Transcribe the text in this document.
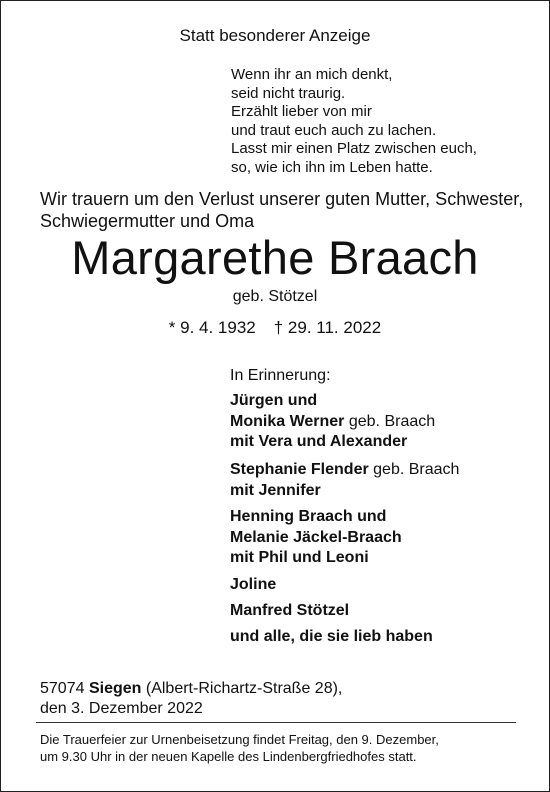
Statt besonderer Anzeige
Wenn ihr an mich denkt,
seid nicht traurig.
Erzählt lieber von mir
und traut euch auch zu lachen.
Lasst mir einen Platz zwischen euch,
so, wie ich ihn im Leben hatte.
Wir trauern um den Verlust unserer guten Mutter, Schwester,
Schwiegermutter und Oma
Margarethe Braach
geb. Stötzel
* 9. 4. 1932 † 29. 11. 2022
In Erinnerung:
Jürgen und
Monika Werner geb. Braach
mit Vera und Alexander
Stephanie Flender geb. Braach
mit Jennifer
Henning Braach und
Melanie Jäckel-Braach
mit Phil und Leoni
Joline
Manfred Stötzel
und alle, die sie lieb haben
57074 Siegen (Albert-Richartz-Straße 28),
den 3. Dezember 2022
Die Trauerfeier zur Urnenbeisetzung findet Freitag, den 9. Dezember,
um 9.30 Uhr in der neuen Kapelle des Lindenbergfriedhofes statt.
